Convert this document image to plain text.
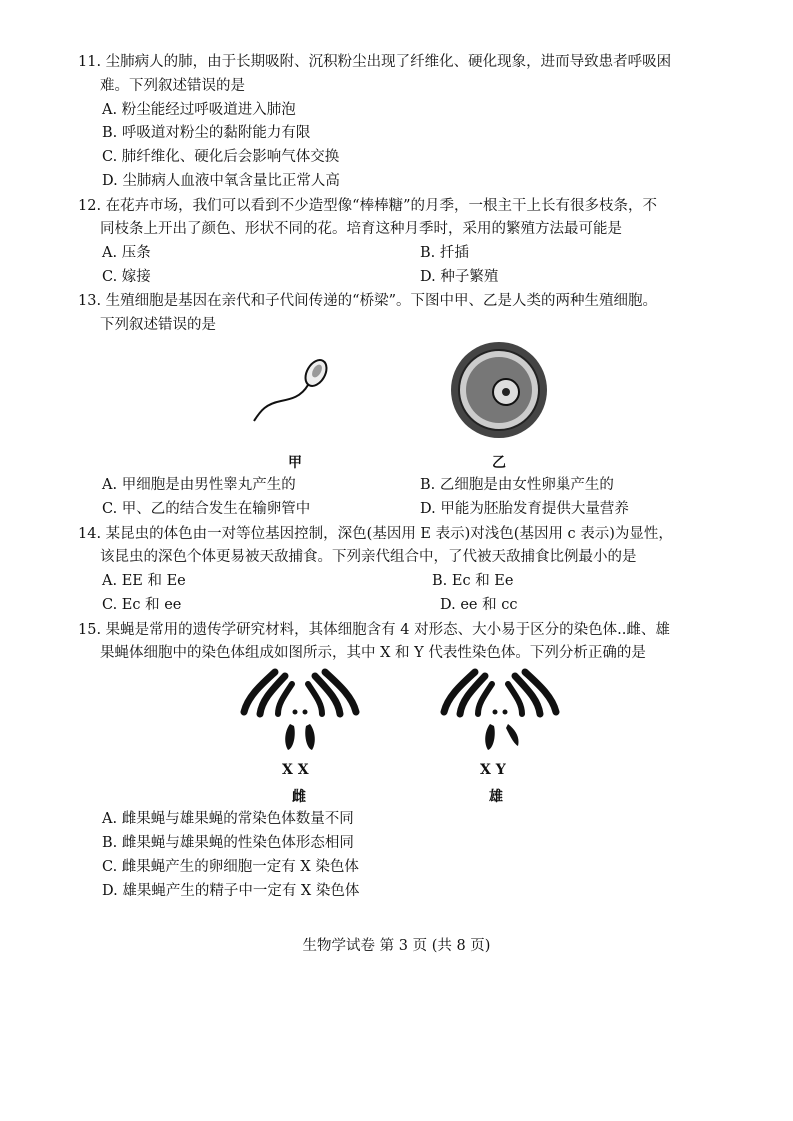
11. 尘肺病人的肺，由于长期吸附、沉积粉尘出现了纤维化、硬化现象，进而导致患者呼吸困
难。下列叙述错误的是
A. 粉尘能经过呼吸道进入肺泡
B. 呼吸道对粉尘的黏附能力有限
C. 肺纤维化、硬化后会影响气体交换
D. 尘肺病人血液中氧含量比正常人高
12. 在花卉市场，我们可以看到不少造型像“棒棒糖”的月季，一根主干上长有很多枝条，不
同枝条上开出了颜色、形状不同的花。培育这种月季时，采用的繁殖方法最可能是
A. 压条	B. 扦插
C. 嫁接	D. 种子繁殖
13. 生殖细胞是基因在亲代和子代间传递的“桥梁”。下图中甲、乙是人类的两种生殖细胞。
下列叙述错误的是
甲	乙
A. 甲细胞是由男性睾丸产生的	B. 乙细胞是由女性卵巢产生的
C. 甲、乙的结合发生在输卵管中	D. 甲能为胚胎发育提供大量营养
14. 某昆虫的体色由一对等位基因控制，深色(基因用 E 表示)对浅色(基因用 c 表示)为显性，
该昆虫的深色个体更易被天敌捕食。下列亲代组合中，了代被天敌捕食比例最小的是
A. EE 和 Ee	B. Ec 和 Ee
C. Ec 和 ee	D. ee 和 cc
15. 果蝇是常用的遗传学研究材料，其体细胞含有 4 对形态、大小易于区分的染色体..雌、雄
果蝇体细胞中的染色体组成如图所示，其中 X 和 Y 代表性染色体。下列分析正确的是
X X
雌
X Y
雄
A. 雌果蝇与雄果蝇的常染色体数量不同
B. 雌果蝇与雄果蝇的性染色体形态相同
C. 雌果蝇产生的卵细胞一定有 X 染色体
D. 雄果蝇产生的精子中一定有 X 染色体
生物学试卷 第 3 页 (共 8 页)
